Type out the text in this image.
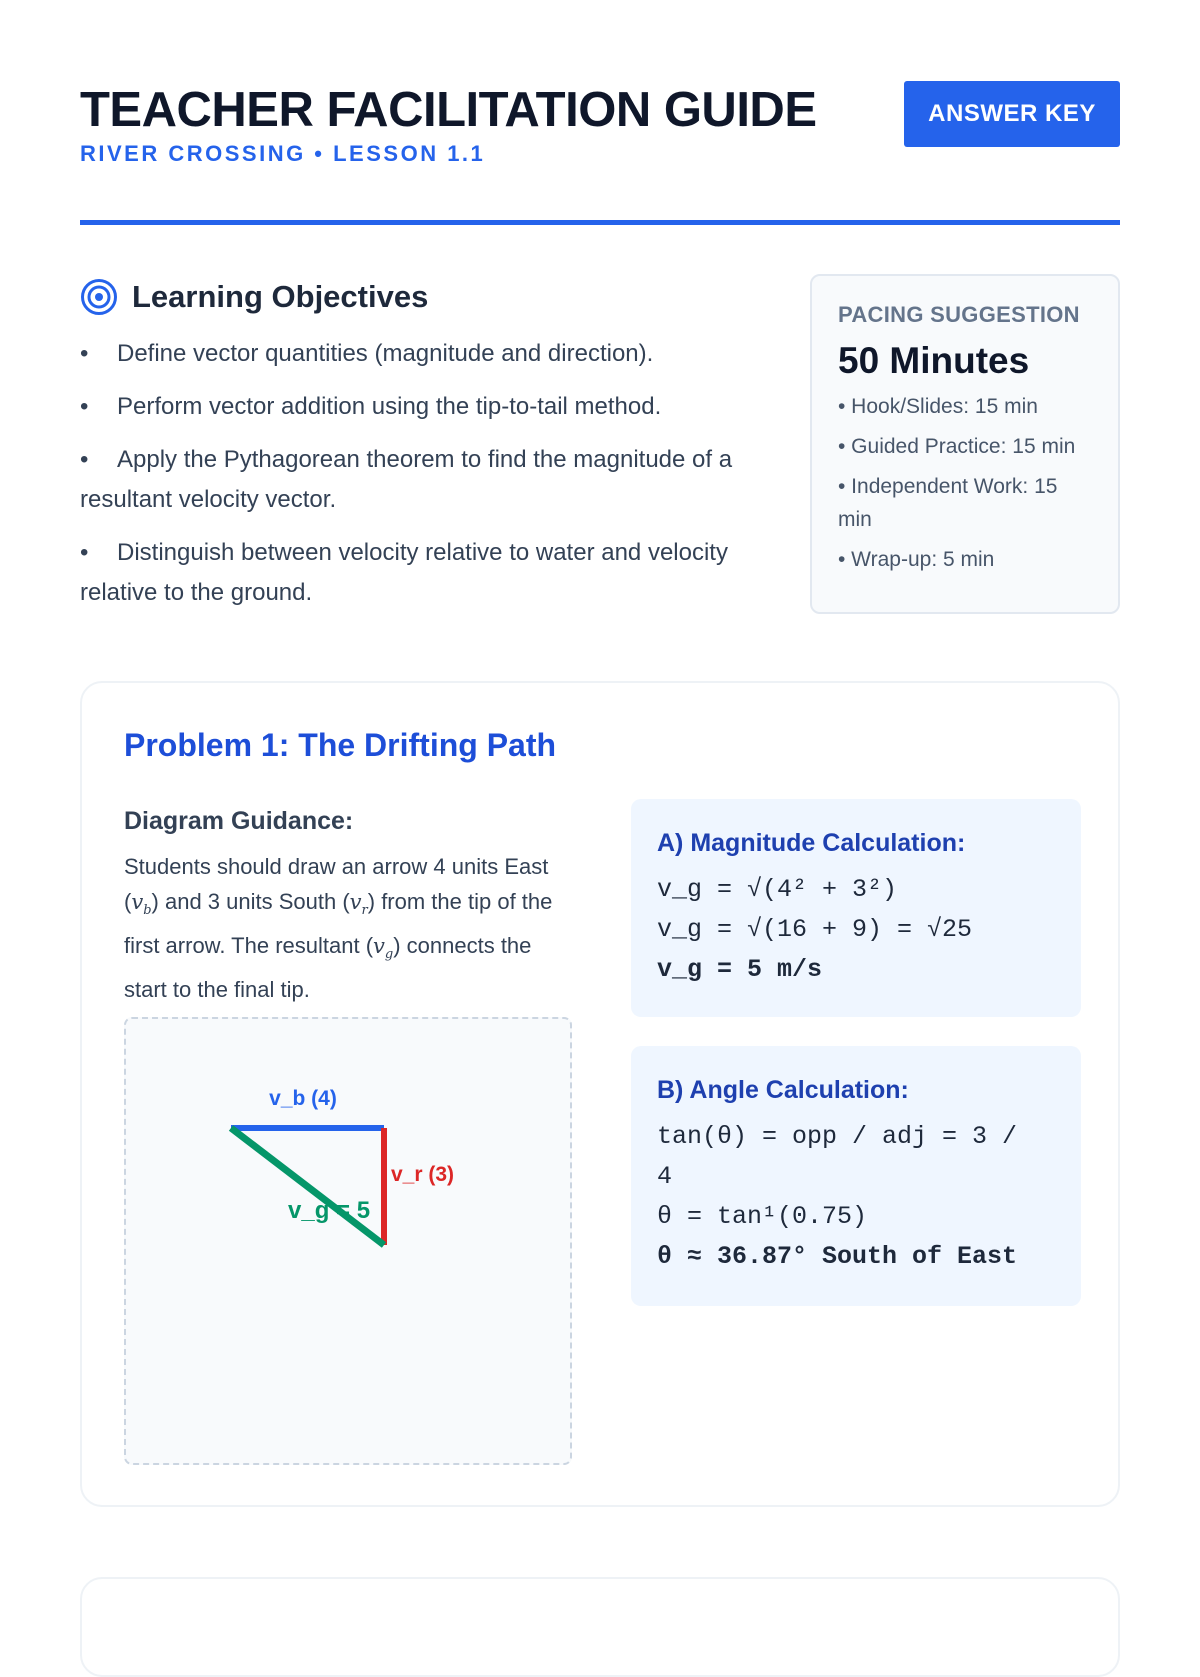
TEACHER FACILITATION GUIDE
RIVER CROSSING • LESSON 1.1
ANSWER KEY
Learning Objectives
• Define vector quantities (magnitude and direction).
• Perform vector addition using the tip-to-tail method.
• Apply the Pythagorean theorem to find the magnitude of a resultant velocity vector.
• Distinguish between velocity relative to water and velocity relative to the ground.
PACING SUGGESTION
50 Minutes
• Hook/Slides: 15 min
• Guided Practice: 15 min
• Independent Work: 15 min
• Wrap-up: 5 min
Problem 1: The Drifting Path
Diagram Guidance:
Students should draw an arrow 4 units East $(v_b)$ and 3 units South $(v_r)$ from the tip of the first arrow. The resultant $(v_g)$ connects the start to the final tip.
v_b (4)
v_r (3)
v_g = 5
A) Magnitude Calculation:
v_g = √(4² + 3²)
v_g = √(16 + 9) = √25
v_g = 5 m/s
B) Angle Calculation:
tan(θ) = opp / adj = 3 /
4
θ = tan¹(0.75)
θ ≈ 36.87° South of East
